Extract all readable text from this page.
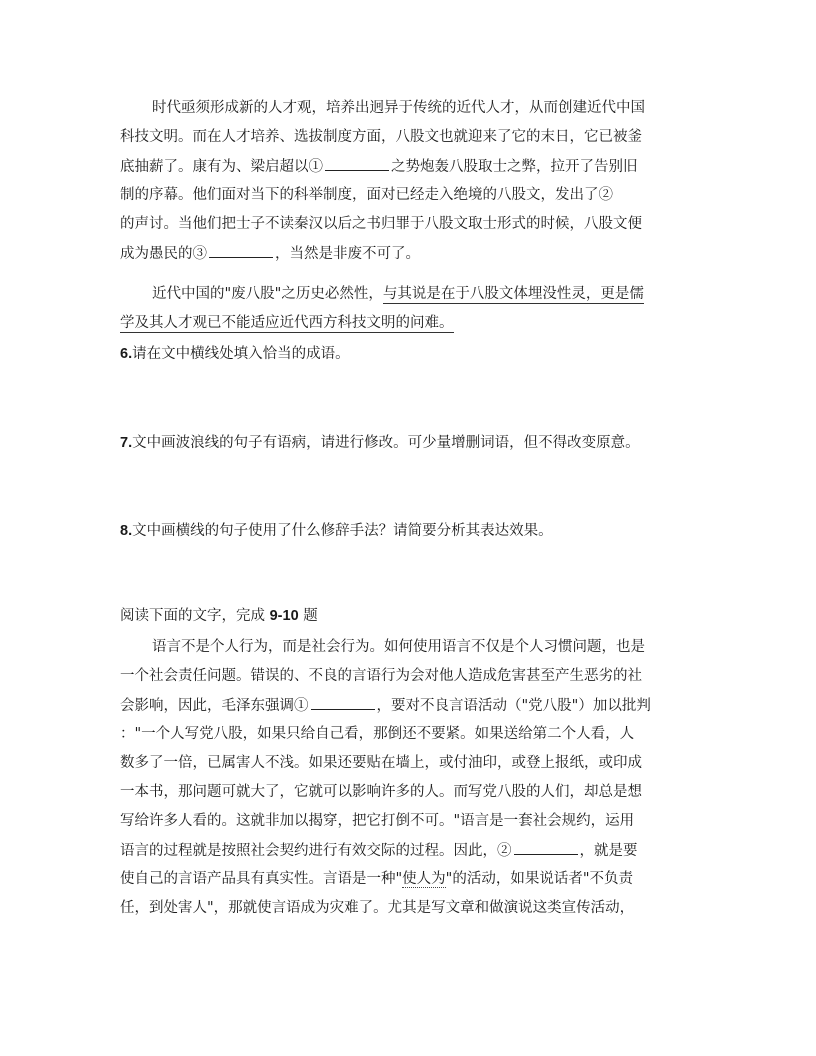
时代亟须形成新的人才观，培养出迥异于传统的近代人才，从而创建近代中国
科技文明。而在人才培养、选拔制度方面，八股文也就迎来了它的末日，它已被釜
底抽薪了。康有为、梁启超以①	之势炮轰八股取士之弊，拉开了告别旧
制的序幕。他们面对当下的科举制度，面对已经走入绝境的八股文，发出了②
的声讨。当他们把士子不读秦汉以后之书归罪于八股文取士形式的时候，八股文便
成为愚民的③	，当然是非废不可了。
近代中国的"废八股"之历史必然性，与其说是在于八股文体埋没性灵，更是儒
学及其人才观已不能适应近代西方科技文明的问难。
6.请在文中横线处填入恰当的成语。
7.文中画波浪线的句子有语病，请进行修改。可少量增删词语，但不得改变原意。
8.文中画横线的句子使用了什么修辞手法？请简要分析其表达效果。
阅读下面的文字，完成 9-10 题
语言不是个人行为，而是社会行为。如何使用语言不仅是个人习惯问题，也是
一个社会责任问题。错误的、不良的言语行为会对他人造成危害甚至产生恶劣的社
会影响，因此，毛泽东强调①	，要对不良言语活动（"党八股"）加以批判
："一个人写党八股，如果只给自己看，那倒还不要紧。如果送给第二个人看，人
数多了一倍，已属害人不浅。如果还要贴在墙上，或付油印，或登上报纸，或印成
一本书，那问题可就大了，它就可以影响许多的人。而写党八股的人们，却总是想
写给许多人看的。这就非加以揭穿，把它打倒不可。"语言是一套社会规约，运用
语言的过程就是按照社会契约进行有效交际的过程。因此，②	，就是要
使自己的言语产品具有真实性。言语是一种"使人为"的活动，如果说话者"不负责
任，到处害人"，那就使言语成为灾难了。尤其是写文章和做演说这类宣传活动，
